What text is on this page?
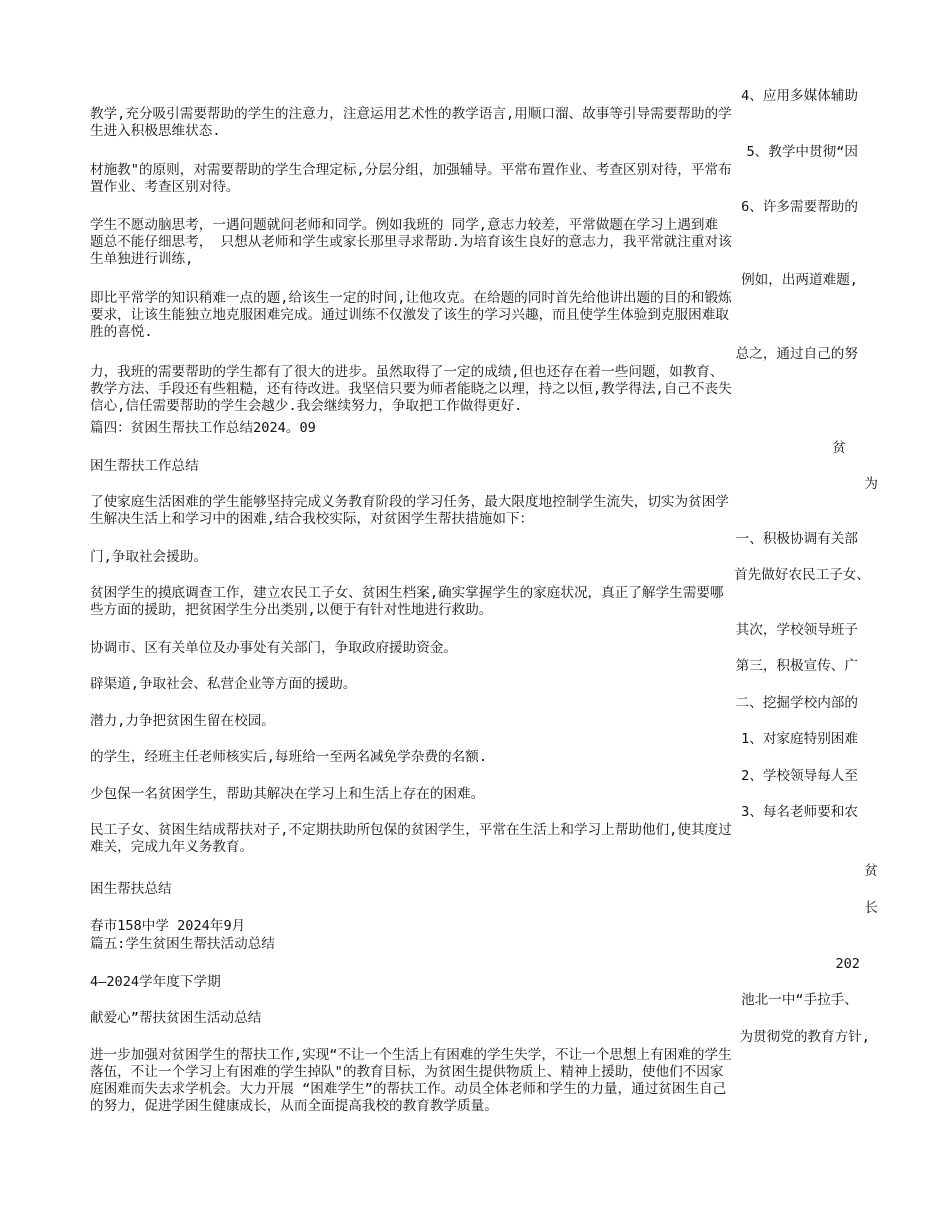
4、应用多媒体辅助
教学,充分吸引需要帮助的学生的注意力，注意运用艺术性的教学语言,用顺口溜、故事等引导需要帮助的学
生进入积极思维状态.
5、教学中贯彻“因
材施教"的原则，对需要帮助的学生合理定标,分层分组，加强辅导。平常布置作业、考查区别对待，平常布
置作业、考查区别对待。
6、许多需要帮助的
学生不愿动脑思考，一遇问题就问老师和同学。例如我班的 同学,意志力较差，平常做题在学习上遇到难
题总不能仔细思考， 只想从老师和学生或家长那里寻求帮助.为培育该生良好的意志力，我平常就注重对该
生单独进行训练,
例如，出两道难题,
即比平常学的知识稍难一点的题,给该生一定的时间,让他攻克。在给题的同时首先给他讲出题的目的和锻炼
要求，让该生能独立地克服困难完成。通过训练不仅激发了该生的学习兴趣，而且使学生体验到克服困难取
胜的喜悦.
总之，通过自己的努
力，我班的需要帮助的学生都有了很大的进步。虽然取得了一定的成绩,但也还存在着一些问题，如教育、
教学方法、手段还有些粗糙，还有待改进。我坚信只要为师者能晓之以理，持之以恒,教学得法,自己不丧失
信心,信任需要帮助的学生会越少.我会继续努力，争取把工作做得更好.
篇四：贫困生帮扶工作总结2024。09
贫
困生帮扶工作总结
为
了使家庭生活困难的学生能够坚持完成义务教育阶段的学习任务，最大限度地控制学生流失，切实为贫困学
生解决生活上和学习中的困难,结合我校实际，对贫困学生帮扶措施如下：
一、积极协调有关部
门,争取社会援助。
首先做好农民工子女、
贫困学生的摸底调查工作，建立农民工子女、贫困生档案,确实掌握学生的家庭状况，真正了解学生需要哪
些方面的援助，把贫困学生分出类别,以便于有针对性地进行救助。
其次，学校领导班子
协调市、区有关单位及办事处有关部门，争取政府援助资金。
第三，积极宣传、广
辟渠道,争取社会、私营企业等方面的援助。
二、挖掘学校内部的
潜力,力争把贫困生留在校园。
1、对家庭特别困难
的学生，经班主任老师核实后,每班给一至两名减免学杂费的名额.
2、学校领导每人至
少包保一名贫困学生，帮助其解决在学习上和生活上存在的困难。
3、每名老师要和农
民工子女、贫困生结成帮扶对子,不定期扶助所包保的贫困学生，平常在生活上和学习上帮助他们,使其度过
难关，完成九年义务教育。
贫
困生帮扶总结
长
春市158中学 2024年9月
篇五:学生贫困生帮扶活动总结
202
4—2024学年度下学期
池北一中“手拉手、
献爱心”帮扶贫困生活动总结
为贯彻党的教育方针,
进一步加强对贫困学生的帮扶工作,实现“不让一个生活上有困难的学生失学，不让一个思想上有困难的学生
落伍，不让一个学习上有困难的学生掉队"的教育目标，为贫困生提供物质上、精神上援助，使他们不因家
庭困难而失去求学机会。大力开展 “困难学生”的帮扶工作。动员全体老师和学生的力量，通过贫困生自己
的努力，促进学困生健康成长，从而全面提高我校的教育教学质量。
